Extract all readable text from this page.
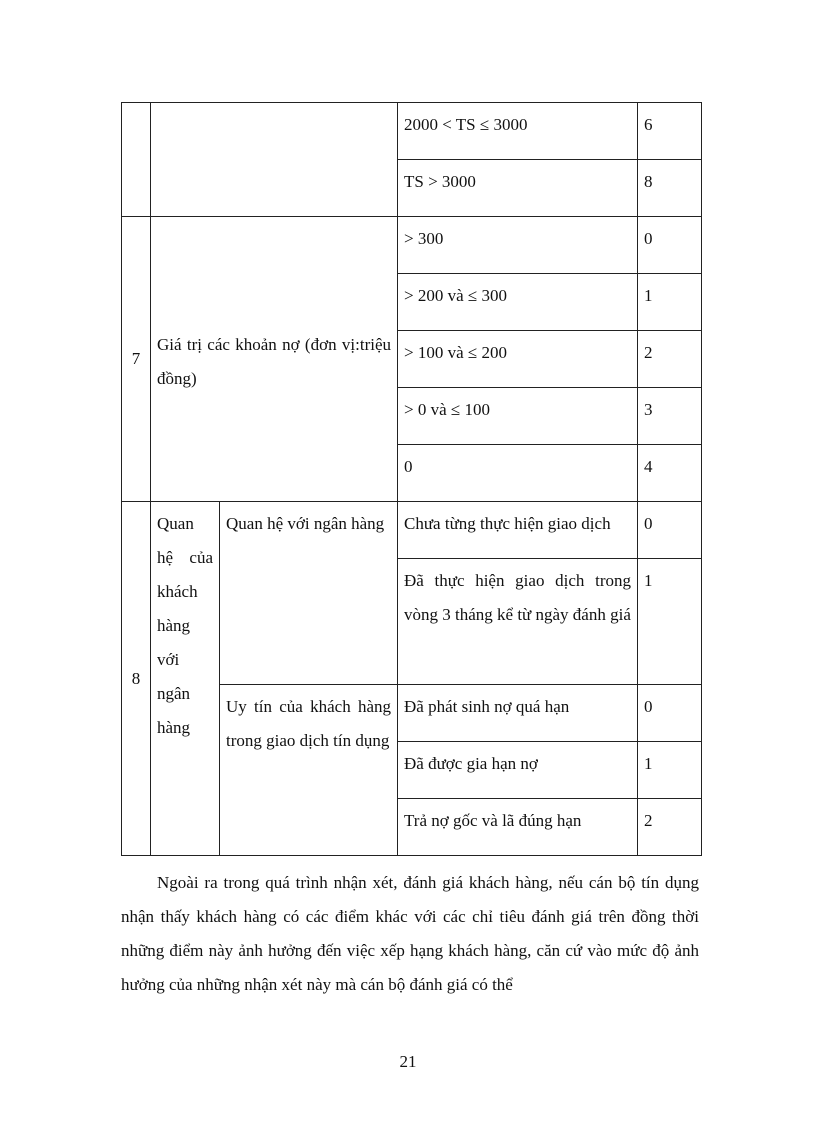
			2000 < TS ≤ 3000	6
			TS > 3000	8
7	Giá trị các khoản nợ (đơn vị:triệu đồng)		> 300	0
			> 200 và ≤ 300	1
			> 100 và ≤ 200	2
			> 0 và ≤ 100	3
			0	4
8	Quan hệ của khách hàng với ngân hàng	Quan hệ với ngân hàng	Chưa từng thực hiện giao dịch	0
			Đã thực hiện giao dịch trong vòng 3 tháng kể từ ngày đánh giá	1
		Uy tín của khách hàng trong giao dịch tín dụng	Đã phát sinh nợ quá hạn	0
			Đã được gia hạn nợ	1
			Trả nợ gốc và lã đúng hạn	2

Ngoài ra trong quá trình nhận xét, đánh giá khách hàng, nếu cán bộ tín dụng nhận thấy khách hàng có các điểm khác với các chỉ tiêu đánh giá trên đồng thời những điểm này ảnh hưởng đến việc xếp hạng khách hàng, căn cứ vào mức độ ảnh hưởng của những nhận xét này mà cán bộ đánh giá có thể

21
